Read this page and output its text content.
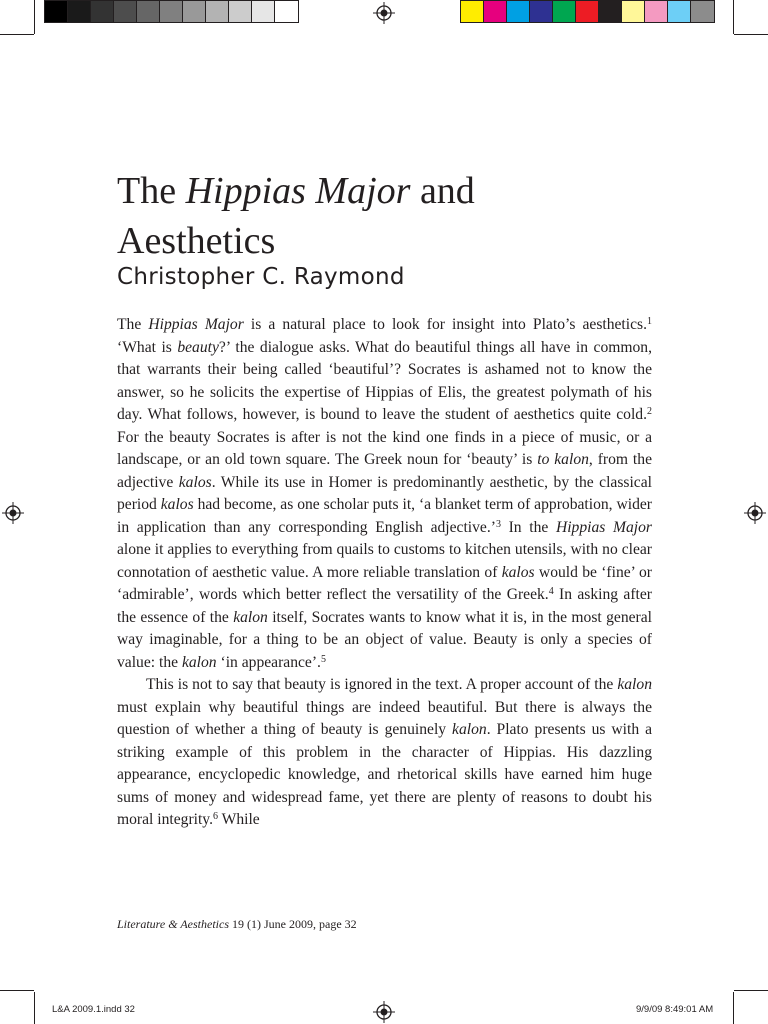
The Hippias Major and
Aesthetics
Christopher C. Raymond

The Hippias Major is a natural place to look for insight into Plato’s aesthetics.$^1$ ‘What is beauty?’ the dialogue asks. What do beautiful things all have in common, that warrants their being called ‘beautiful’? Socrates is ashamed not to know the answer, so he solicits the expertise of Hippias of Elis, the greatest polymath of his day. What follows, however, is bound to leave the student of aesthetics quite cold.$^2$ For the beauty Socrates is after is not the kind one finds in a piece of music, or a landscape, or an old town square. The Greek noun for ‘beauty’ is to kalon, from the adjective kalos. While its use in Homer is predominantly aesthetic, by the classical period kalos had become, as one scholar puts it, ‘a blanket term of approbation, wider in application than any corresponding English adjective.’$^3$ In the Hippias Major alone it applies to everything from quails to customs to kitchen utensils, with no clear connotation of aesthetic value. A more reliable translation of kalos would be ‘fine’ or ‘admirable’, words which better reflect the versatility of the Greek.$^4$ In asking after the essence of the kalon itself, Socrates wants to know what it is, in the most general way imaginable, for a thing to be an object of value. Beauty is only a species of value: the kalon ‘in appearance’.$^5$

This is not to say that beauty is ignored in the text. A proper account of the kalon must explain why beautiful things are indeed beautiful. But there is always the question of whether a thing of beauty is genuinely kalon. Plato presents us with a striking example of this problem in the character of Hippias. His dazzling appearance, encyclopedic knowledge, and rhetorical skills have earned him huge sums of money and widespread fame, yet there are plenty of reasons to doubt his moral integrity.$^6$ While

Literature & Aesthetics 19 (1) June 2009, page 32
L&A 2009.1.indd 32	9/9/09 8:49:01 AM
